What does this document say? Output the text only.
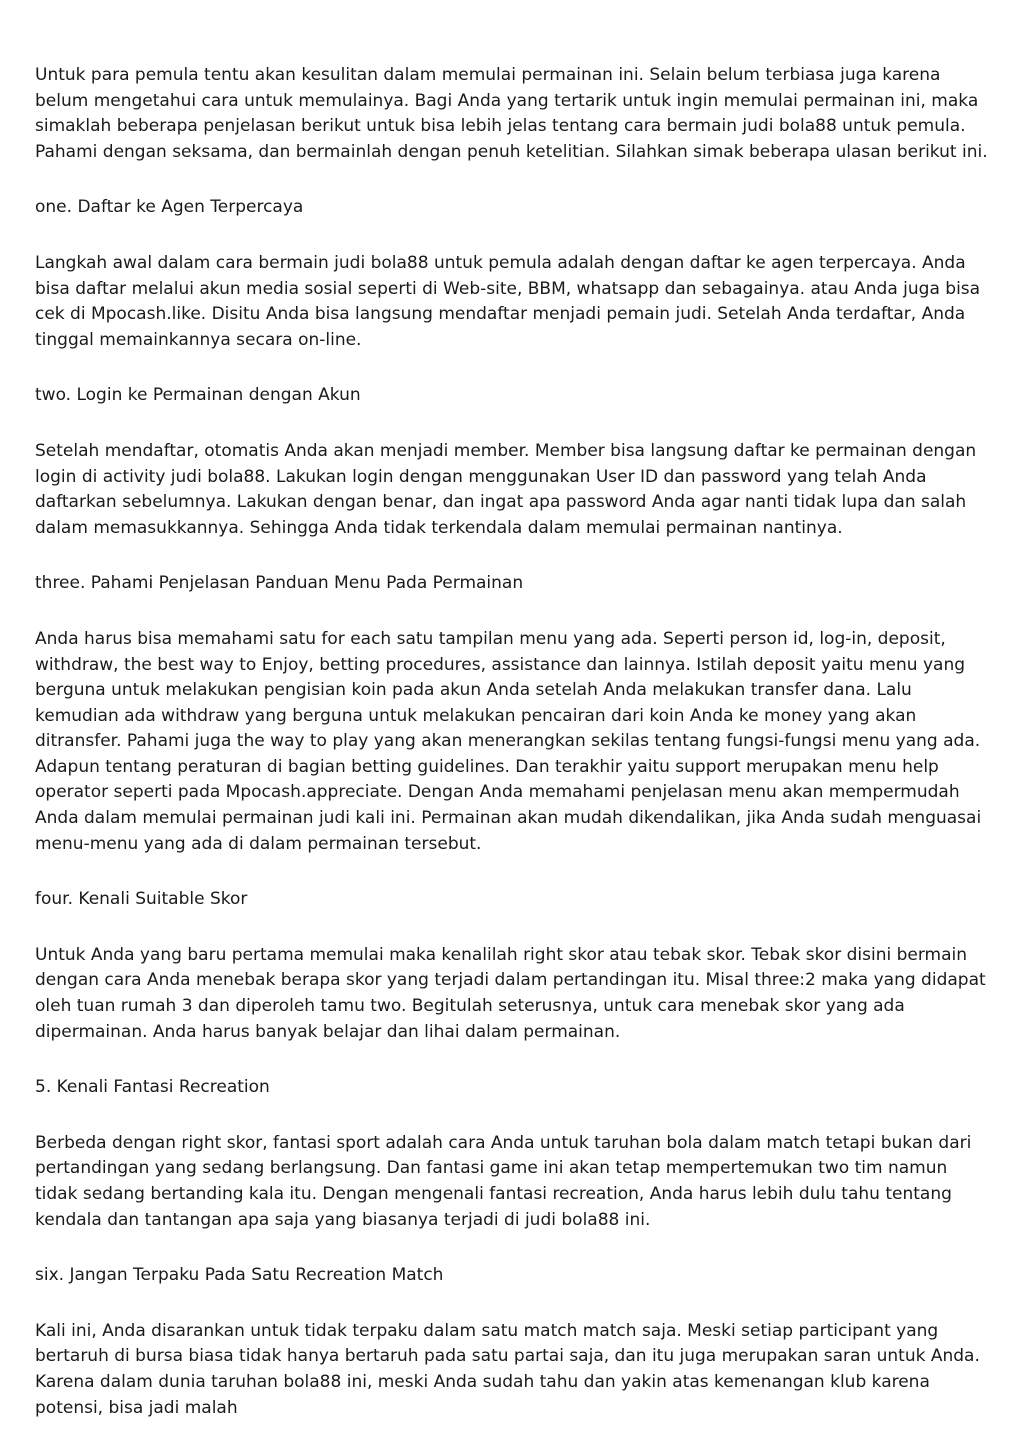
Untuk para pemula tentu akan kesulitan dalam memulai permainan ini. Selain belum terbiasa juga karena belum mengetahui cara untuk memulainya. Bagi Anda yang tertarik untuk ingin memulai permainan ini, maka simaklah beberapa penjelasan berikut untuk bisa lebih jelas tentang cara bermain judi bola88 untuk pemula. Pahami dengan seksama, dan bermainlah dengan penuh ketelitian. Silahkan simak beberapa ulasan berikut ini.

one. Daftar ke Agen Terpercaya

Langkah awal dalam cara bermain judi bola88 untuk pemula adalah dengan daftar ke agen terpercaya. Anda bisa daftar melalui akun media sosial seperti di Web-site, BBM, whatsapp dan sebagainya. atau Anda juga bisa cek di Mpocash.like. Disitu Anda bisa langsung mendaftar menjadi pemain judi. Setelah Anda terdaftar, Anda tinggal memainkannya secara on-line.

two. Login ke Permainan dengan Akun

Setelah mendaftar, otomatis Anda akan menjadi member. Member bisa langsung daftar ke permainan dengan login di activity judi bola88. Lakukan login dengan menggunakan User ID dan password yang telah Anda daftarkan sebelumnya. Lakukan dengan benar, dan ingat apa password Anda agar nanti tidak lupa dan salah dalam memasukkannya. Sehingga Anda tidak terkendala dalam memulai permainan nantinya.

three. Pahami Penjelasan Panduan Menu Pada Permainan

Anda harus bisa memahami satu for each satu tampilan menu yang ada. Seperti person id, log-in, deposit, withdraw, the best way to Enjoy, betting procedures, assistance dan lainnya. Istilah deposit yaitu menu yang berguna untuk melakukan pengisian koin pada akun Anda setelah Anda melakukan transfer dana. Lalu kemudian ada withdraw yang berguna untuk melakukan pencairan dari koin Anda ke money yang akan ditransfer. Pahami juga the way to play yang akan menerangkan sekilas tentang fungsi-fungsi menu yang ada. Adapun tentang peraturan di bagian betting guidelines. Dan terakhir yaitu support merupakan menu help operator seperti pada Mpocash.appreciate. Dengan Anda memahami penjelasan menu akan mempermudah Anda dalam memulai permainan judi kali ini. Permainan akan mudah dikendalikan, jika Anda sudah menguasai menu-menu yang ada di dalam permainan tersebut.

four. Kenali Suitable Skor

Untuk Anda yang baru pertama memulai maka kenalilah right skor atau tebak skor. Tebak skor disini bermain dengan cara Anda menebak berapa skor yang terjadi dalam pertandingan itu. Misal three:2 maka yang didapat oleh tuan rumah 3 dan diperoleh tamu two. Begitulah seterusnya, untuk cara menebak skor yang ada dipermainan. Anda harus banyak belajar dan lihai dalam permainan.

5. Kenali Fantasi Recreation

Berbeda dengan right skor, fantasi sport adalah cara Anda untuk taruhan bola dalam match tetapi bukan dari pertandingan yang sedang berlangsung. Dan fantasi game ini akan tetap mempertemukan two tim namun tidak sedang bertanding kala itu. Dengan mengenali fantasi recreation, Anda harus lebih dulu tahu tentang kendala dan tantangan apa saja yang biasanya terjadi di judi bola88 ini.

six. Jangan Terpaku Pada Satu Recreation Match

Kali ini, Anda disarankan untuk tidak terpaku dalam satu match match saja. Meski setiap participant yang bertaruh di bursa biasa tidak hanya bertaruh pada satu partai saja, dan itu juga merupakan saran untuk Anda. Karena dalam dunia taruhan bola88 ini, meski Anda sudah tahu dan yakin atas kemenangan klub karena potensi, bisa jadi malah
